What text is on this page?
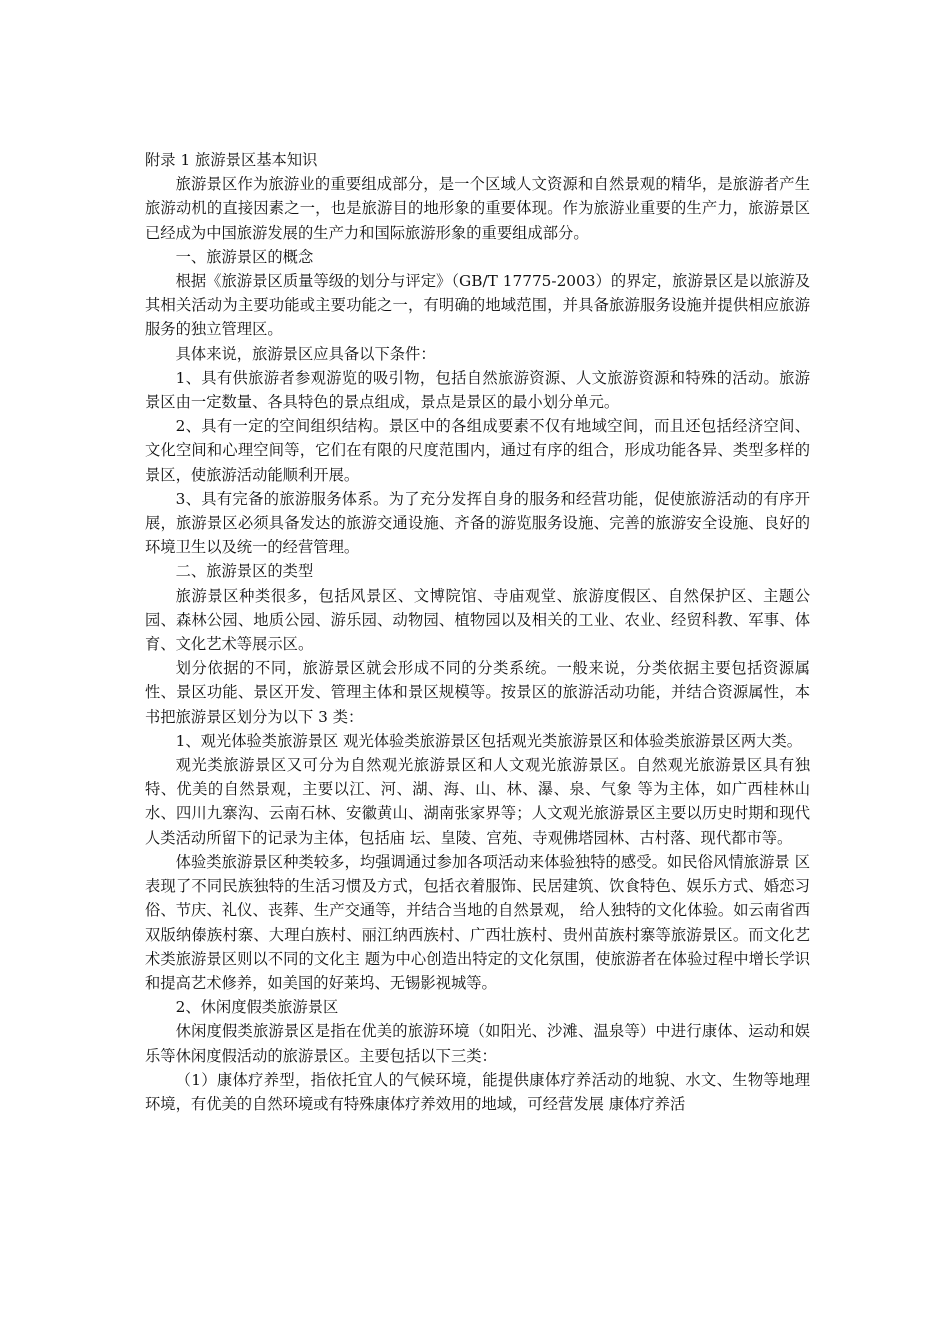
附录 1 旅游景区基本知识

旅游景区作为旅游业的重要组成部分，是一个区域人文资源和自然景观的精华，是旅游者产生旅游动机的直接因素之一，也是旅游目的地形象的重要体现。作为旅游业重要的生产力，旅游景区已经成为中国旅游发展的生产力和国际旅游形象的重要组成部分。

一、旅游景区的概念

根据《旅游景区质量等级的划分与评定》（GB/T 17775-2003）的界定，旅游景区是以旅游及其相关活动为主要功能或主要功能之一，有明确的地域范围，并具备旅游服务设施并提供相应旅游服务的独立管理区。

具体来说，旅游景区应具备以下条件：

1、具有供旅游者参观游览的吸引物，包括自然旅游资源、人文旅游资源和特殊的活动。旅游景区由一定数量、各具特色的景点组成，景点是景区的最小划分单元。

2、具有一定的空间组织结构。景区中的各组成要素不仅有地域空间，而且还包括经济空间、文化空间和心理空间等，它们在有限的尺度范围内，通过有序的组合，形成功能各异、类型多样的景区，使旅游活动能顺利开展。

3、具有完备的旅游服务体系。为了充分发挥自身的服务和经营功能，促使旅游活动的有序开展，旅游景区必须具备发达的旅游交通设施、齐备的游览服务设施、完善的旅游安全设施、良好的环境卫生以及统一的经营管理。

二、旅游景区的类型

旅游景区种类很多，包括风景区、文博院馆、寺庙观堂、旅游度假区、自然保护区、主题公园、森林公园、地质公园、游乐园、动物园、植物园以及相关的工业、农业、经贸科教、军事、体育、文化艺术等展示区。

划分依据的不同，旅游景区就会形成不同的分类系统。一般来说，分类依据主要包括资源属性、景区功能、景区开发、管理主体和景区规模等。按景区的旅游活动功能，并结合资源属性，本书把旅游景区划分为以下 3 类：

1、观光体验类旅游景区 观光体验类旅游景区包括观光类旅游景区和体验类旅游景区两大类。

观光类旅游景区又可分为自然观光旅游景区和人文观光旅游景区。自然观光旅游景区具有独特、优美的自然景观，主要以江、河、湖、海、山、林、瀑、泉、气象 等为主体，如广西桂林山水、四川九寨沟、云南石林、安徽黄山、湖南张家界等；人文观光旅游景区主要以历史时期和现代人类活动所留下的记录为主体，包括庙 坛、皇陵、宫苑、寺观佛塔园林、古村落、现代都市等。

体验类旅游景区种类较多，均强调通过参加各项活动来体验独特的感受。如民俗风情旅游景 区表现了不同民族独特的生活习惯及方式，包括衣着服饰、民居建筑、饮食特色、娱乐方式、婚恋习俗、节庆、礼仪、丧葬、生产交通等，并结合当地的自然景观， 给人独特的文化体验。如云南省西双版纳傣族村寨、大理白族村、丽江纳西族村、广西壮族村、贵州苗族村寨等旅游景区。而文化艺术类旅游景区则以不同的文化主 题为中心创造出特定的文化氛围，使旅游者在体验过程中增长学识和提高艺术修养，如美国的好莱坞、无锡影视城等。

2、休闲度假类旅游景区

休闲度假类旅游景区是指在优美的旅游环境（如阳光、沙滩、温泉等）中进行康体、运动和娱乐等休闲度假活动的旅游景区。主要包括以下三类：

（1）康体疗养型，指依托宜人的气候环境，能提供康体疗养活动的地貌、水文、生物等地理环境，有优美的自然环境或有特殊康体疗养效用的地域，可经营发展 康体疗养活
